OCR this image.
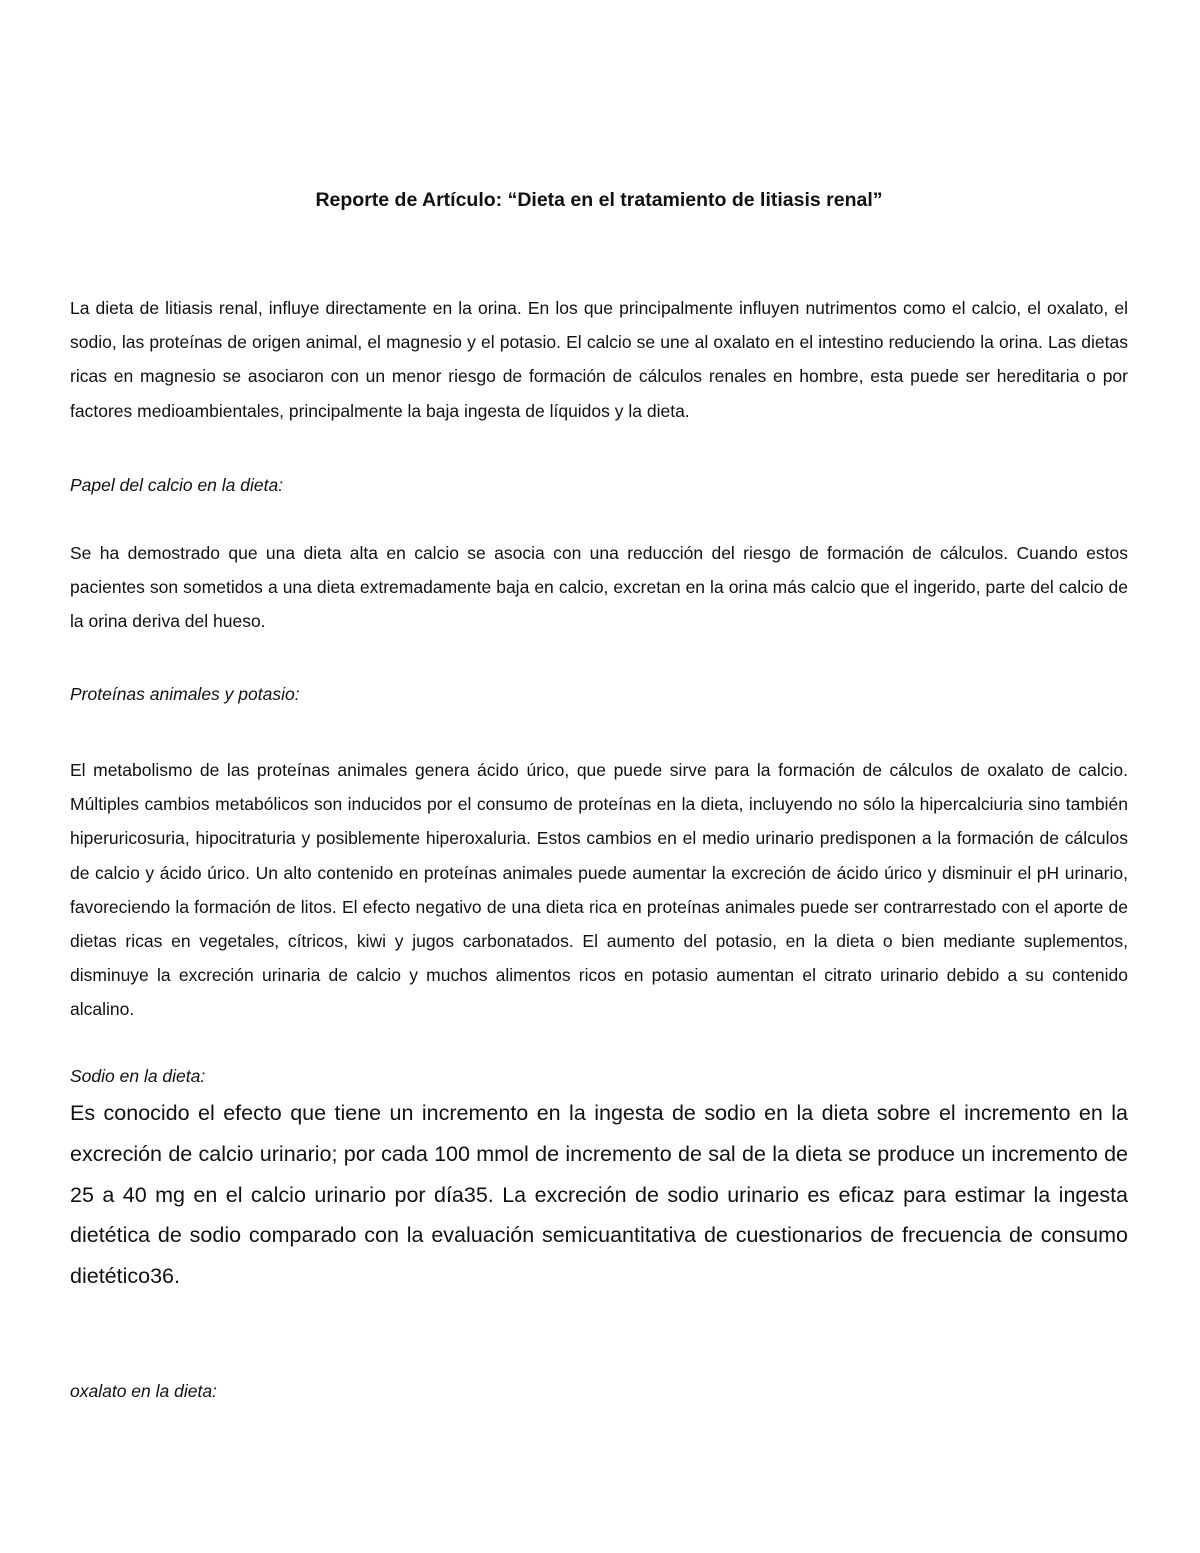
Reporte de Artículo: “Dieta en el tratamiento de litiasis renal”

La dieta de litiasis renal, influye directamente en la orina. En los que principalmente influyen nutrimentos como el calcio, el oxalato, el sodio, las proteínas de origen animal, el magnesio y el potasio. El calcio se une al oxalato en el intestino reduciendo la orina. Las dietas ricas en magnesio se asociaron con un menor riesgo de formación de cálculos renales en hombre, esta puede ser hereditaria o por factores medioambientales, principalmente la baja ingesta de líquidos y la dieta.

Papel del calcio en la dieta:

Se ha demostrado que una dieta alta en calcio se asocia con una reducción del riesgo de formación de cálculos. Cuando estos pacientes son sometidos a una dieta extremadamente baja en calcio, excretan en la orina más calcio que el ingerido, parte del calcio de la orina deriva del hueso.

Proteínas animales y potasio:

El metabolismo de las proteínas animales genera ácido úrico, que puede sirve para la formación de cálculos de oxalato de calcio. Múltiples cambios metabólicos son inducidos por el consumo de proteínas en la dieta, incluyendo no sólo la hipercalciuria sino también hiperuricosuria, hipocitraturia y posiblemente hiperoxaluria. Estos cambios en el medio urinario predisponen a la formación de cálculos de calcio y ácido úrico. Un alto contenido en proteínas animales puede aumentar la excreción de ácido úrico y disminuir el pH urinario, favoreciendo la formación de litos. El efecto negativo de una dieta rica en proteínas animales puede ser contrarrestado con el aporte de dietas ricas en vegetales, cítricos, kiwi y jugos carbonatados. El aumento del potasio, en la dieta o bien mediante suplementos, disminuye la excreción urinaria de calcio y muchos alimentos ricos en potasio aumentan el citrato urinario debido a su contenido alcalino.

Sodio en la dieta:

Es conocido el efecto que tiene un incremento en la ingesta de sodio en la dieta sobre el incremento en la excreción de calcio urinario; por cada 100 mmol de incremento de sal de la dieta se produce un incremento de 25 a 40 mg en el calcio urinario por día35. La excreción de sodio urinario es eficaz para estimar la ingesta dietética de sodio comparado con la evaluación semicuantitativa de cuestionarios de frecuencia de consumo dietético36.

oxalato en la dieta:
